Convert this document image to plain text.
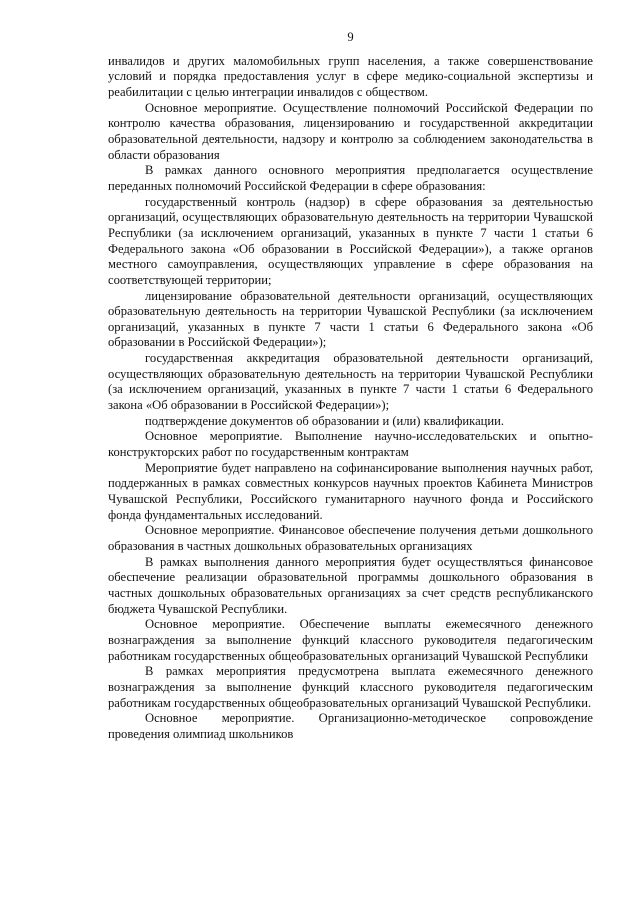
9

инвалидов и других маломобильных групп населения, а также совершенствование условий и порядка предоставления услуг в сфере медико-социальной экспертизы и реабилитации с целью интеграции инвалидов с обществом.

Основное мероприятие. Осуществление полномочий Российской Федерации по контролю качества образования, лицензированию и государственной аккредитации образовательной деятельности, надзору и контролю за соблюдением законодательства в области образования

В рамках данного основного мероприятия предполагается осуществление переданных полномочий Российской Федерации в сфере образования:

государственный контроль (надзор) в сфере образования за деятельностью организаций, осуществляющих образовательную деятельность на территории Чувашской Республики (за исключением организаций, указанных в пункте 7 части 1 статьи 6 Федерального закона «Об образовании в Российской Федерации»), а также органов местного самоуправления, осуществляющих управление в сфере образования на соответствующей территории;

лицензирование образовательной деятельности организаций, осуществляющих образовательную деятельность на территории Чувашской Республики (за исключением организаций, указанных в пункте 7 части 1 статьи 6 Федерального закона «Об образовании в Российской Федерации»);

государственная аккредитация образовательной деятельности организаций, осуществляющих образовательную деятельность на территории Чувашской Республики (за исключением организаций, указанных в пункте 7 части 1 статьи 6 Федерального закона «Об образовании в Российской Федерации»);

подтверждение документов об образовании и (или) квалификации.

Основное мероприятие. Выполнение научно-исследовательских и опытно-конструкторских работ по государственным контрактам

Мероприятие будет направлено на софинансирование выполнения научных работ, поддержанных в рамках совместных конкурсов научных проектов Кабинета Министров Чувашской Республики, Российского гуманитарного научного фонда и Российского фонда фундаментальных исследований.

Основное мероприятие. Финансовое обеспечение получения детьми дошкольного образования в частных дошкольных образовательных организациях

В рамках выполнения данного мероприятия будет осуществляться финансовое обеспечение реализации образовательной программы дошкольного образования в частных дошкольных образовательных организациях за счет средств республиканского бюджета Чувашской Республики.

Основное мероприятие. Обеспечение выплаты ежемесячного денежного вознаграждения за выполнение функций классного руководителя педагогическим работникам государственных общеобразовательных организаций Чувашской Республики

В рамках мероприятия предусмотрена выплата ежемесячного денежного вознаграждения за выполнение функций классного руководителя педагогическим работникам государственных общеобразовательных организаций Чувашской Республики.

Основное мероприятие. Организационно-методическое сопровождение проведения олимпиад школьников
